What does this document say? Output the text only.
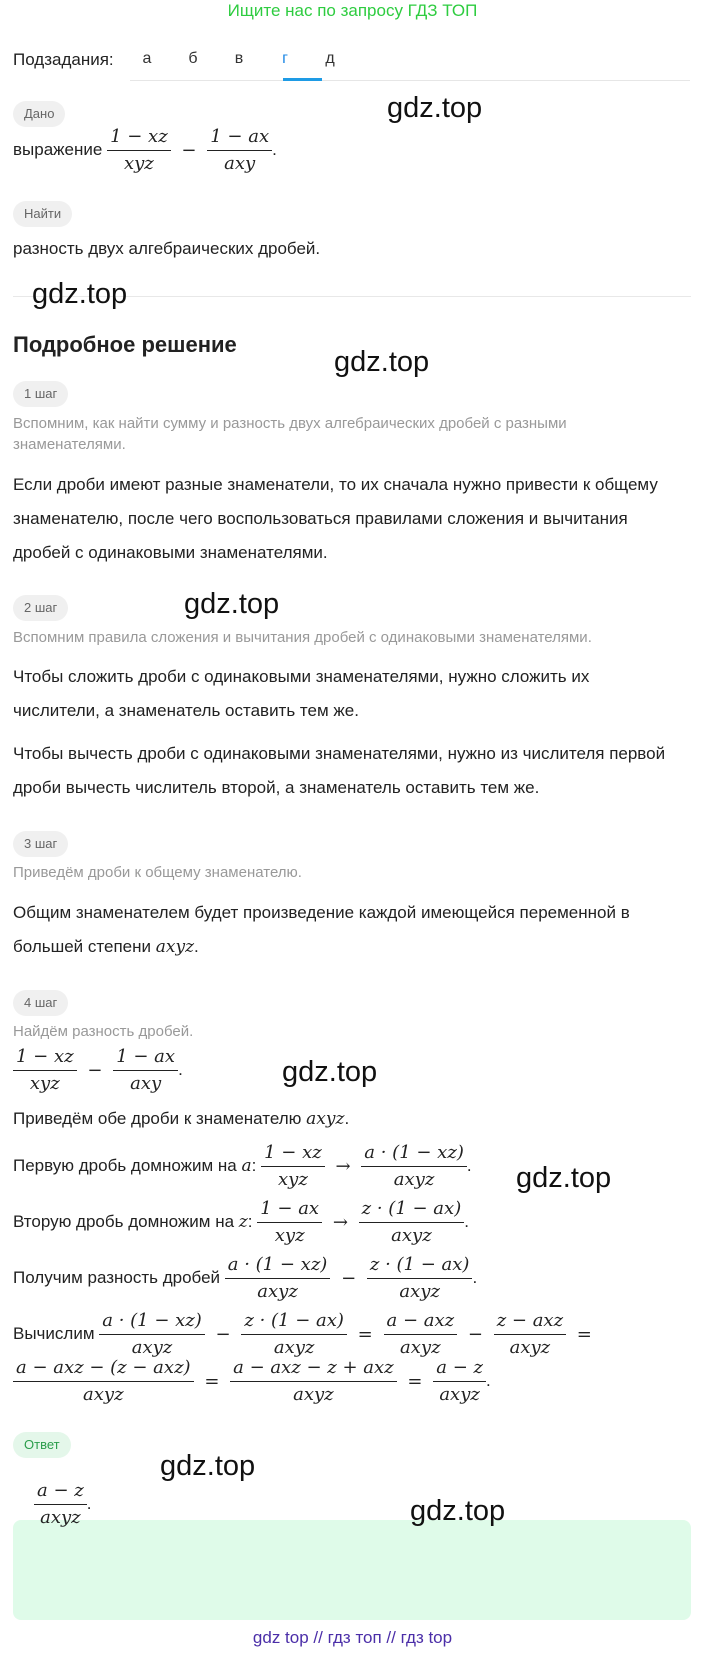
Ищите нас по запросу ГДЗ ТОП
Подзадания:	а	б	в	г	д
Дано
выражение $\frac{1 - xz}{\text{xyz}} - \frac{1 - ax}{\text{axy}}$ .
Найти
разность двух алгебраических дробей.
Подробное решение
1 шаг
Вспомним, как найти сумму и разность двух алгебраических дробей с разными знаменателями.
Если дроби имеют разные знаменатели, то их сначала нужно привести к общему знаменателю, после чего воспользоваться правилами сложения и вычитания дробей с одинаковыми знаменателями.
2 шаг
Вспомним правила сложения и вычитания дробей с одинаковыми знаменателями.
Чтобы сложить дроби с одинаковыми знаменателями, нужно сложить их числители, а знаменатель оставить тем же.
Чтобы вычесть дроби с одинаковыми знаменателями, нужно из числителя первой дроби вычесть числитель второй, а знаменатель оставить тем же.
3 шаг
Приведём дроби к общему знаменателю.
Общим знаменателем будет произведение каждой имеющейся переменной в большей степени axyz.
4 шаг
Найдём разность дробей.
$\frac{1 - xz}{\text{xyz}} - \frac{1 - ax}{\text{axy}}$ .
Приведём обе дроби к знаменателю axyz.
Первую дробь домножим на a: $\frac{1 - xz}{\text{xyz}} \to \frac{a \cdot (1 - xz)}{\text{axyz}}$ .
Вторую дробь домножим на z: $\frac{1 - ax}{\text{xyz}} \to \frac{z \cdot (1 - ax)}{\text{axyz}}$ .
Получим разность дробей $\frac{a \cdot (1 - xz)}{\text{axyz}} - \frac{z \cdot (1 - ax)}{\text{axyz}}$ .
Вычислим $\frac{a \cdot (1 - xz)}{\text{axyz}} - \frac{z \cdot (1 - ax)}{\text{axyz}} = \frac{\text{a − axz}}{\text{axyz}} - \frac{\text{z − axz}}{\text{axyz}}$ =
$\frac{\text{a − axz − (z − axz)}}{\text{axyz}} = \frac{\text{a − axz − z + axz}}{\text{axyz}} = \frac{a - z}{\text{axyz}}$ .
Ответ
$\frac{a - z}{\text{axyz}}$ .
gdz.top
gdz.top
gdz.top
gdz.top
gdz.top
gdz.top
gdz.top
gdz.top
gdz top // гдз топ // гдз top
